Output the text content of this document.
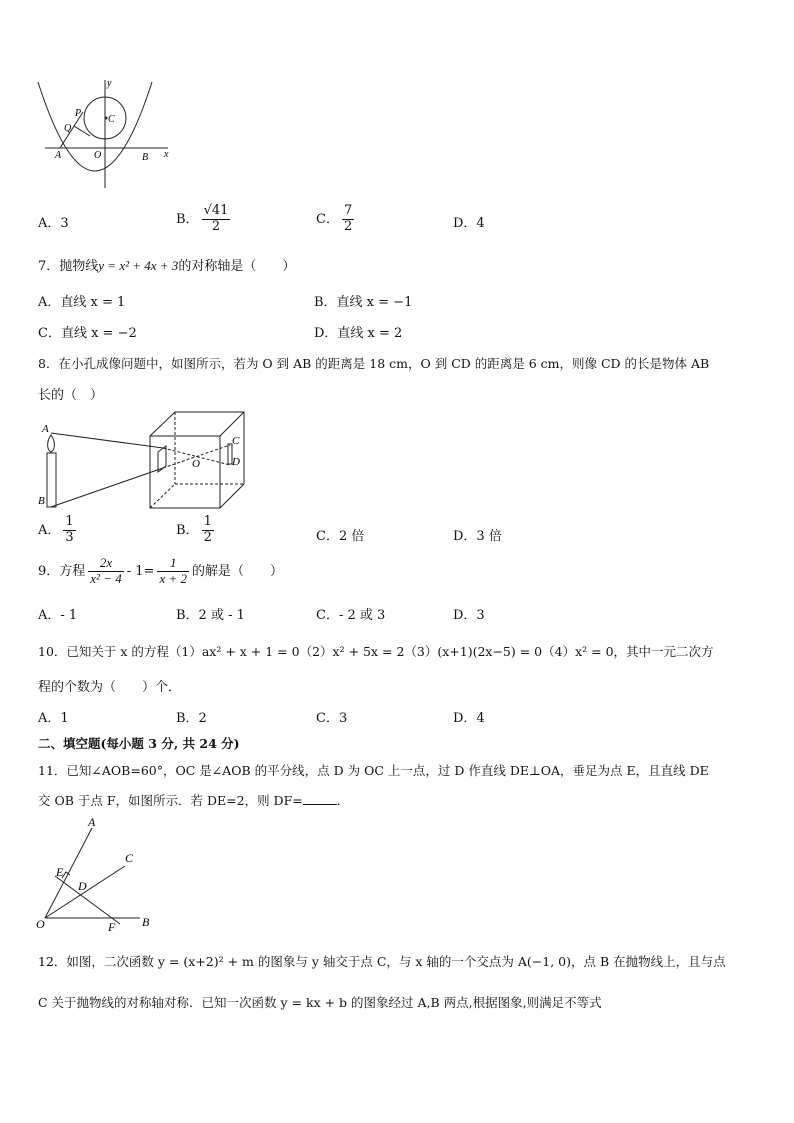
y
P
C
Q
A	O	B x
A．3	B． $\frac{√41}{2}$	C． $\frac{7}{2}$	D．4
7．抛物线y = x² + 4x + 3的对称轴是（　　）
A．直线 x = 1	B．直线 x = −1
C．直线 x = −2	D．直线 x = 2
8．在小孔成像问题中，如图所示，若为 O 到 AB 的距离是 18 cm，O 到 CD 的距离是 6 cm，则像 CD 的长是物体 AB
长的（　）
A
B
C
D
O
A． $\frac{1}{3}$	B． $\frac{1}{2}$	C．2 倍	D．3 倍
9．方程 $\frac{2x}{\text{x² − 4}} - 1= \frac{1}{x + 2}$ 的解是（　　）
A．- 1	B．2 或 - 1	C．- 2 或 3	D．3
10．已知关于 x 的方程（1）ax² + x + 1 = 0（2）x² + 5x = 2（3）(x+1)(2x−5) = 0（4）x² = 0，其中一元二次方
程的个数为（　　）个．
A．1	B．2	C．3	D．4
二、填空题(每小题 3 分, 共 24 分)
11．已知∠AOB=60°，OC 是∠AOB 的平分线，点 D 为 OC 上一点，过 D 作直线 DE⊥OA，垂足为点 E，且直线 DE
交 OB 于点 F，如图所示．若 DE=2，则 DF=	．
A
C
E
D
O	F B
12．如图，二次函数 y = (x+2)² + m 的图象与 y 轴交于点 C，与 x 轴的一个交点为 A(−1, 0)，点 B 在抛物线上，且与点
C 关于抛物线的对称轴对称．已知一次函数 y = kx + b 的图象经过 A,B 两点,根据图象,则满足不等式
